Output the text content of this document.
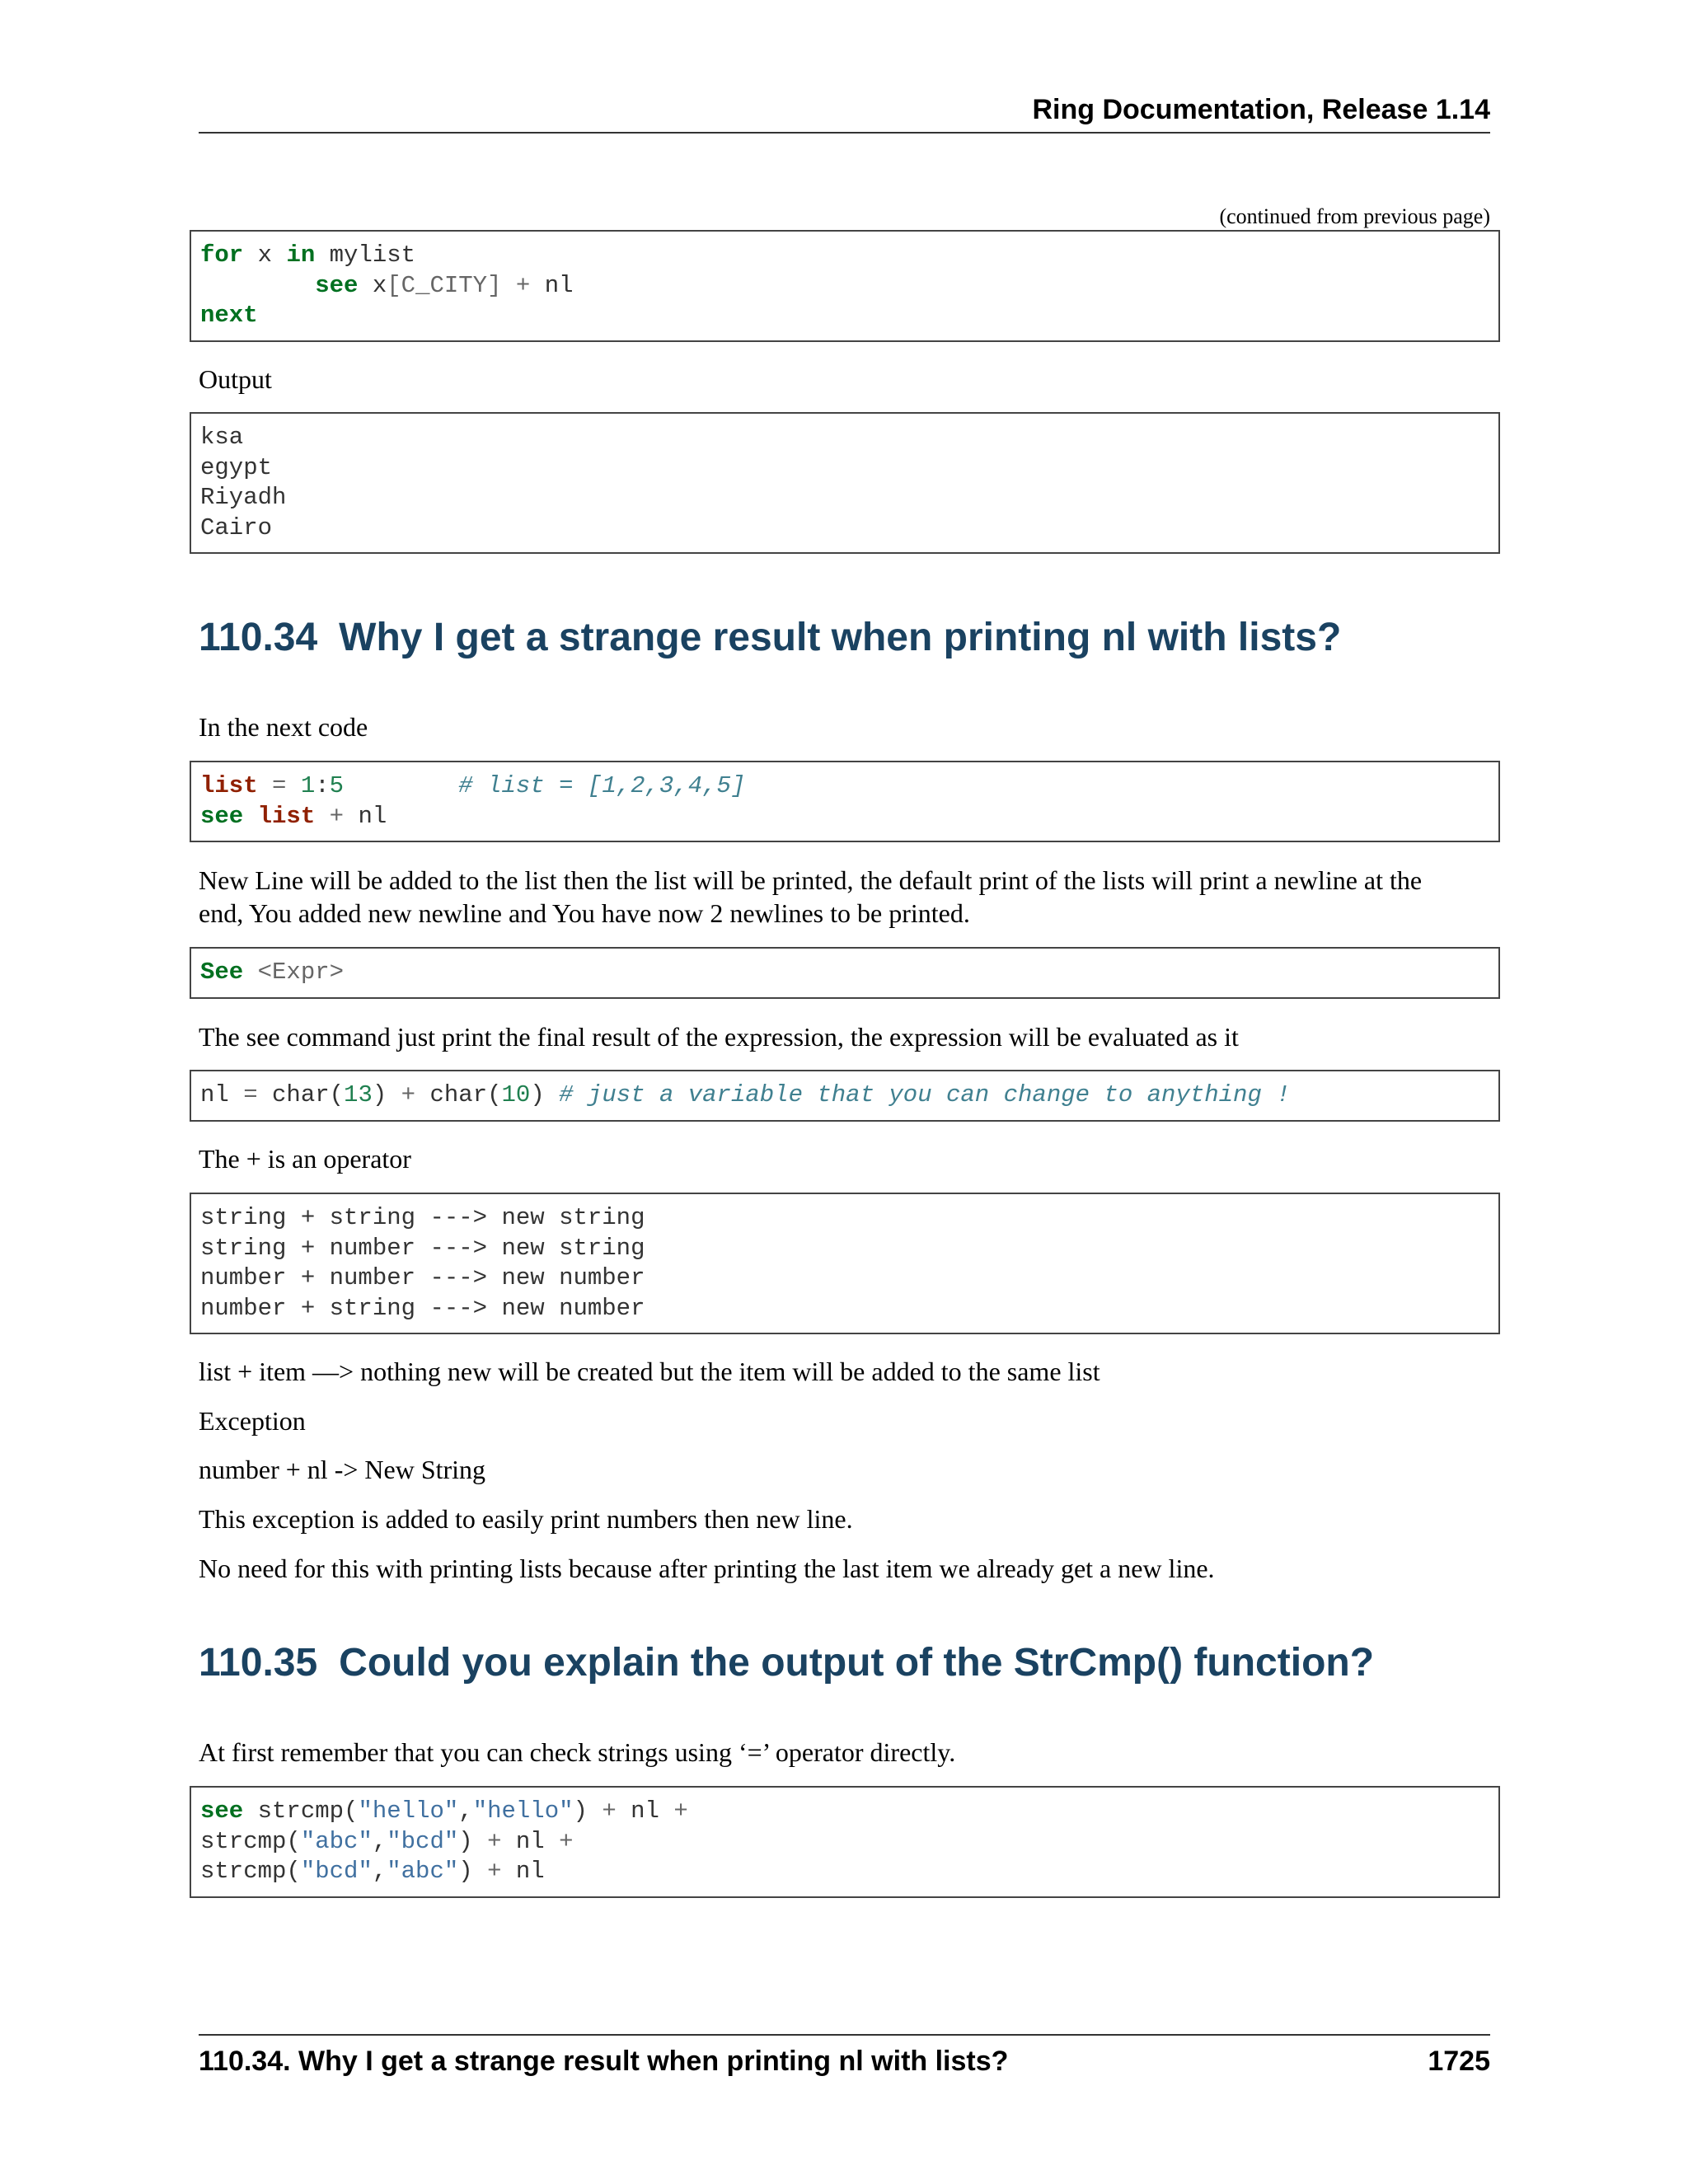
Ring Documentation, Release 1.14
(continued from previous page)
for x in mylist
see x[C_CITY] + nl
next
Output
ksa
egypt
Riyadh
Cairo
110.34 Why I get a strange result when printing nl with lists?
In the next code
list = 1:5	# list = [1,2,3,4,5]
see list + nl
New Line will be added to the list then the list will be printed, the default print of the lists will print a newline at the
end, You added new newline and You have now 2 newlines to be printed.
See <Expr>
The see command just print the final result of the expression, the expression will be evaluated as it
nl = char(13) + char(10) # just a variable that you can change to anything !
The + is an operator
string + string ---> new string
string + number ---> new string
number + number ---> new number
number + string ---> new number
list + item —> nothing new will be created but the item will be added to the same list
Exception
number + nl -> New String
This exception is added to easily print numbers then new line.
No need for this with printing lists because after printing the last item we already get a new line.
110.35 Could you explain the output of the StrCmp() function?
At first remember that you can check strings using ‘=’ operator directly.
see strcmp("hello","hello") + nl +
strcmp("abc","bcd") + nl +
strcmp("bcd","abc") + nl
110.34. Why I get a strange result when printing nl with lists?	1725
